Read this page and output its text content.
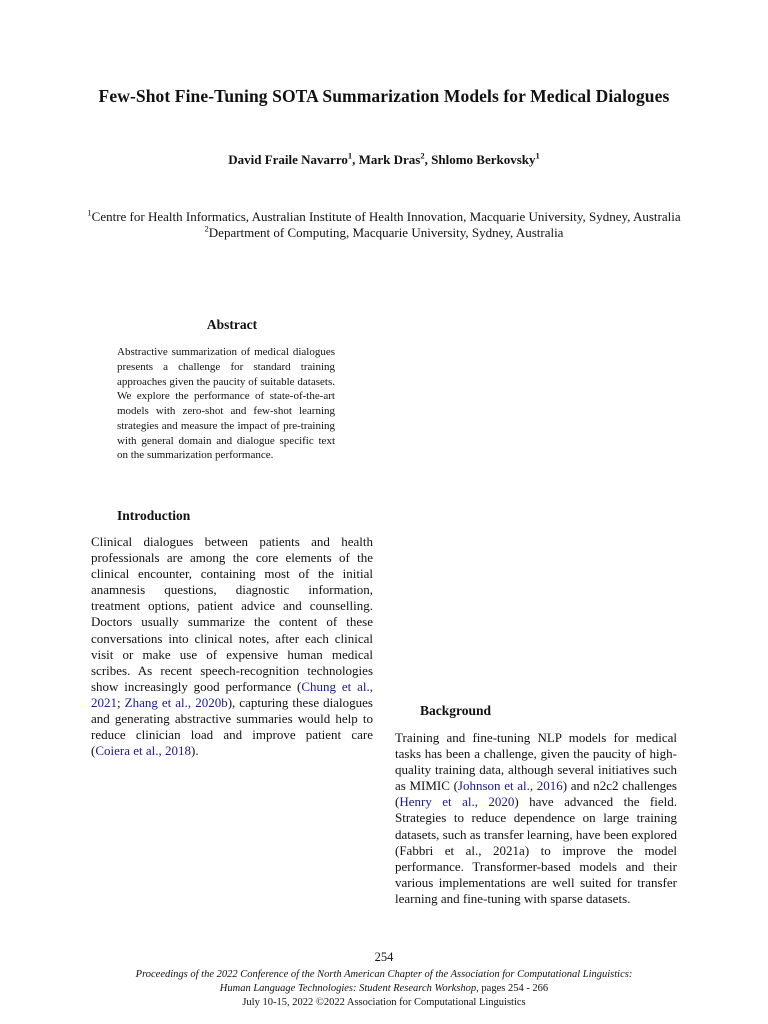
Few-Shot Fine-Tuning SOTA Summarization Models for Medical Dialogues
David Fraile Navarro$^1$, Mark Dras$^2$, Shlomo Berkovsky$^1$
$^1$Centre for Health Informatics, Australian Institute of Health Innovation, Macquarie University, Sydney, Australia
$^2$Department of Computing, Macquarie University, Sydney, Australia
Abstract
Abstractive summarization of medical dialogues presents a challenge for standard training approaches given the paucity of suitable datasets. We explore the performance of state-of-the-art models with zero-shot and few-shot learning strategies and measure the impact of pre-training with general domain and dialogue specific text on the summarization performance.
Introduction
Clinical dialogues between patients and health professionals are among the core elements of the clinical encounter, containing most of the initial anamnesis questions, diagnostic information, treatment options, patient advice and counselling. Doctors usually summarize the content of these conversations into clinical notes, after each clinical visit or make use of expensive human medical scribes. As recent speech-recognition technologies show increasingly good performance (Chung et al., 2021; Zhang et al., 2020b), capturing these dialogues and generating abstractive summaries would help to reduce clinician load and improve patient care (Coiera et al., 2018).
Background
Training and fine-tuning NLP models for medical tasks has been a challenge, given the paucity of high-quality training data, although several initiatives such as MIMIC (Johnson et al., 2016) and n2c2 challenges (Henry et al., 2020) have advanced the field. Strategies to reduce dependence on large training datasets, such as transfer learning, have been explored (Fabbri et al., 2021a) to improve the model performance. Transformer-based models and their various implementations are well suited for transfer learning and fine-tuning with sparse datasets.
254
Proceedings of the 2022 Conference of the North American Chapter of the Association for Computational Linguistics:
Human Language Technologies: Student Research Workshop, pages 254 - 266
July 10-15, 2022 ©2022 Association for Computational Linguistics
